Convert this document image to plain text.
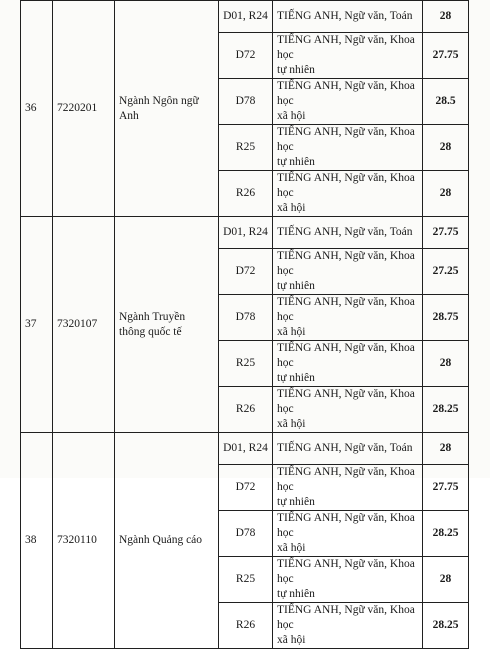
36	7220201	Ngành Ngôn ngữ Anh	D01, R24	TIẾNG ANH, Ngữ văn, Toán	28
			D72	TIẾNG ANH, Ngữ văn, Khoa học
tự nhiên	27.75
			D78	TIẾNG ANH, Ngữ văn, Khoa học
xã hội	28.5
			R25	TIẾNG ANH, Ngữ văn, Khoa học
tự nhiên	28
			R26	TIẾNG ANH, Ngữ văn, Khoa học
xã hội	28
37	7320107	Ngành Truyền thông quốc tế	D01, R24	TIẾNG ANH, Ngữ văn, Toán	27.75
			D72	TIẾNG ANH, Ngữ văn, Khoa học
tự nhiên	27.25
			D78	TIẾNG ANH, Ngữ văn, Khoa học
xã hội	28.75
			R25	TIẾNG ANH, Ngữ văn, Khoa học
tự nhiên	28
			R26	TIẾNG ANH, Ngữ văn, Khoa học
xã hội	28.25
38	7320110	Ngành Quảng cáo	D01, R24	TIẾNG ANH, Ngữ văn, Toán	28
			D72	TIẾNG ANH, Ngữ văn, Khoa học
tự nhiên	27.75
			D78	TIẾNG ANH, Ngữ văn, Khoa học
xã hội	28.25
			R25	TIẾNG ANH, Ngữ văn, Khoa học
tự nhiên	28
			R26	TIẾNG ANH, Ngữ văn, Khoa học
xã hội	28.25
